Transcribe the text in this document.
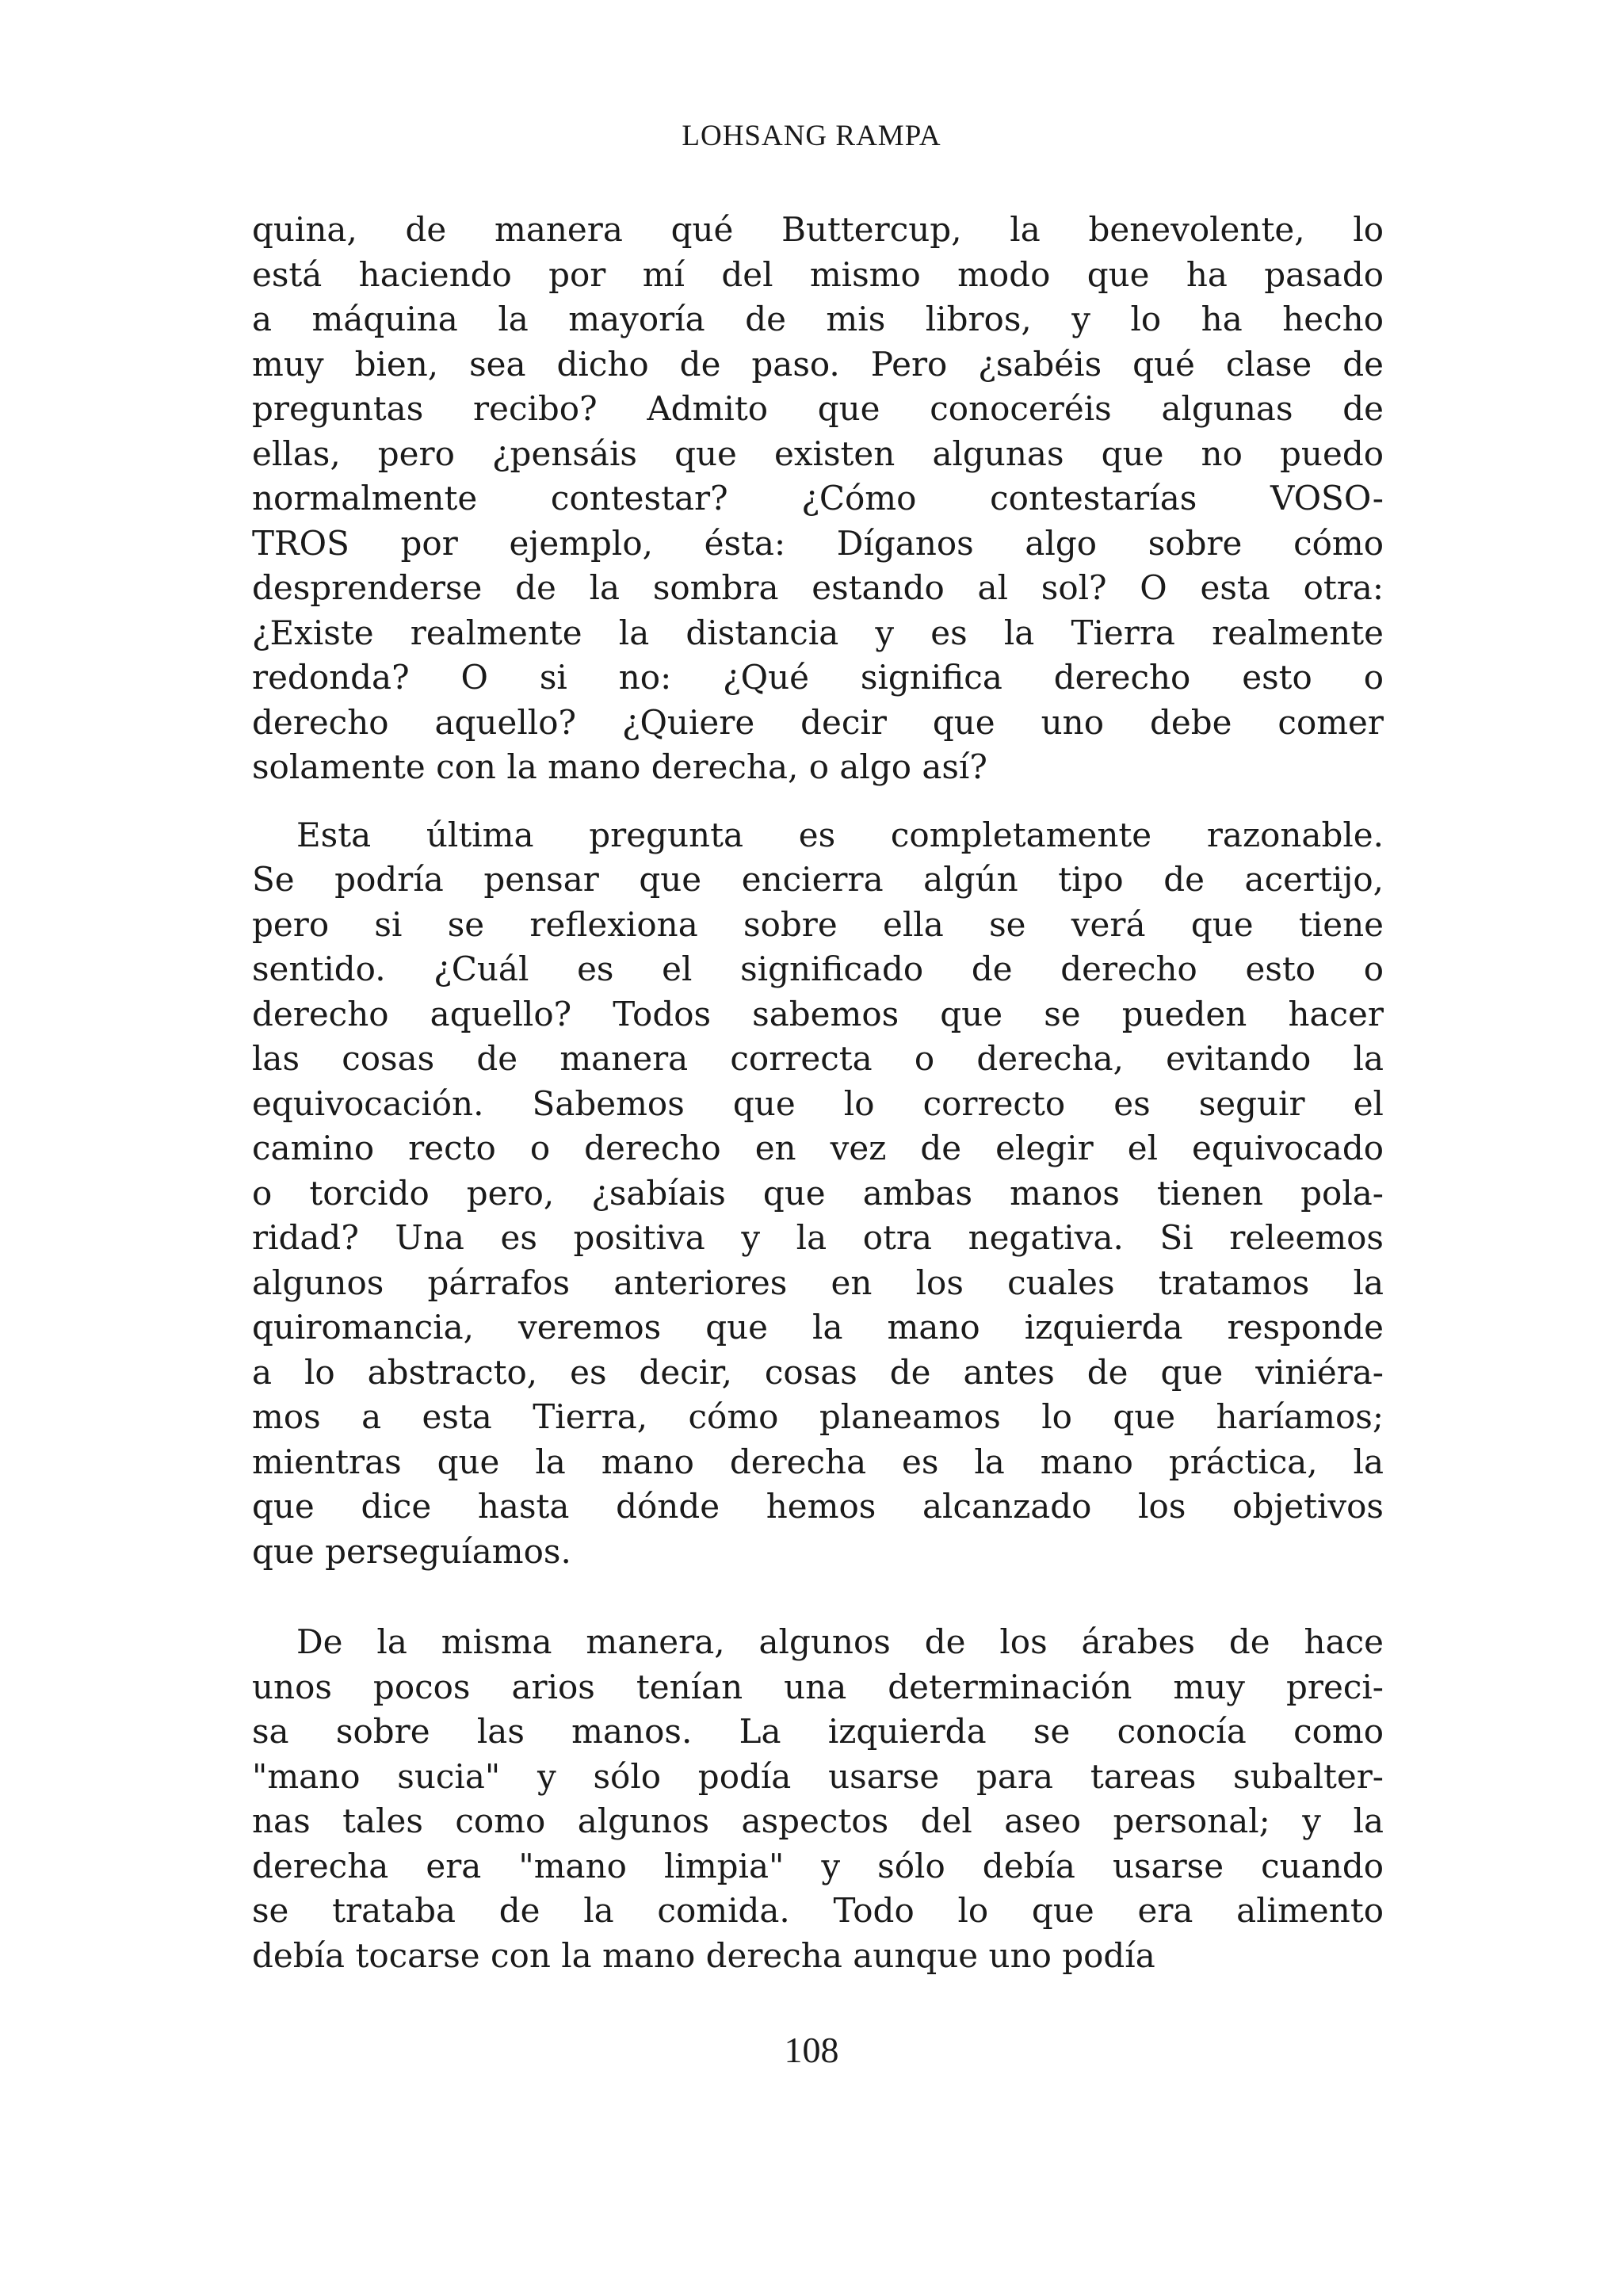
LOHSANG RAMPA

quina, de manera qué Buttercup, la benevolente, lo
está haciendo por mí del mismo modo que ha pasado
a máquina la mayoría de mis libros, y lo ha hecho
muy bien, sea dicho de paso. Pero ¿sabéis qué clase de
preguntas recibo? Admito que conoceréis algunas de
ellas, pero ¿pensáis que existen algunas que no puedo
normalmente contestar? ¿Cómo contestarías VOSO-
TROS por ejemplo, ésta: Díganos algo sobre cómo
desprenderse de la sombra estando al sol? O esta otra:
¿Existe realmente la distancia y es la Tierra realmente
redonda? O si no: ¿Qué significa derecho esto o
derecho aquello? ¿Quiere decir que uno debe comer
solamente con la mano derecha, o algo así?

Esta última pregunta es completamente razonable.
Se podría pensar que encierra algún tipo de acertijo,
pero si se reflexiona sobre ella se verá que tiene
sentido. ¿Cuál es el significado de derecho esto o
derecho aquello? Todos sabemos que se pueden hacer
las cosas de manera correcta o derecha, evitando la
equivocación. Sabemos que lo correcto es seguir el
camino recto o derecho en vez de elegir el equivocado
o torcido pero, ¿sabíais que ambas manos tienen pola-
ridad? Una es positiva y la otra negativa. Si releemos
algunos párrafos anteriores en los cuales tratamos la
quiromancia, veremos que la mano izquierda responde
a lo abstracto, es decir, cosas de antes de que viniéra-
mos a esta Tierra, cómo planeamos lo que haríamos;
mientras que la mano derecha es la mano práctica, la
que dice hasta dónde hemos alcanzado los objetivos
que perseguíamos.

De la misma manera, algunos de los árabes de hace
unos pocos arios tenían una determinación muy preci-
sa sobre las manos. La izquierda se conocía como
"mano sucia" y sólo podía usarse para tareas subalter-
nas tales como algunos aspectos del aseo personal; y la
derecha era "mano limpia" y sólo debía usarse cuando
se trataba de la comida. Todo lo que era alimento
debía tocarse con la mano derecha aunque uno podía

108
